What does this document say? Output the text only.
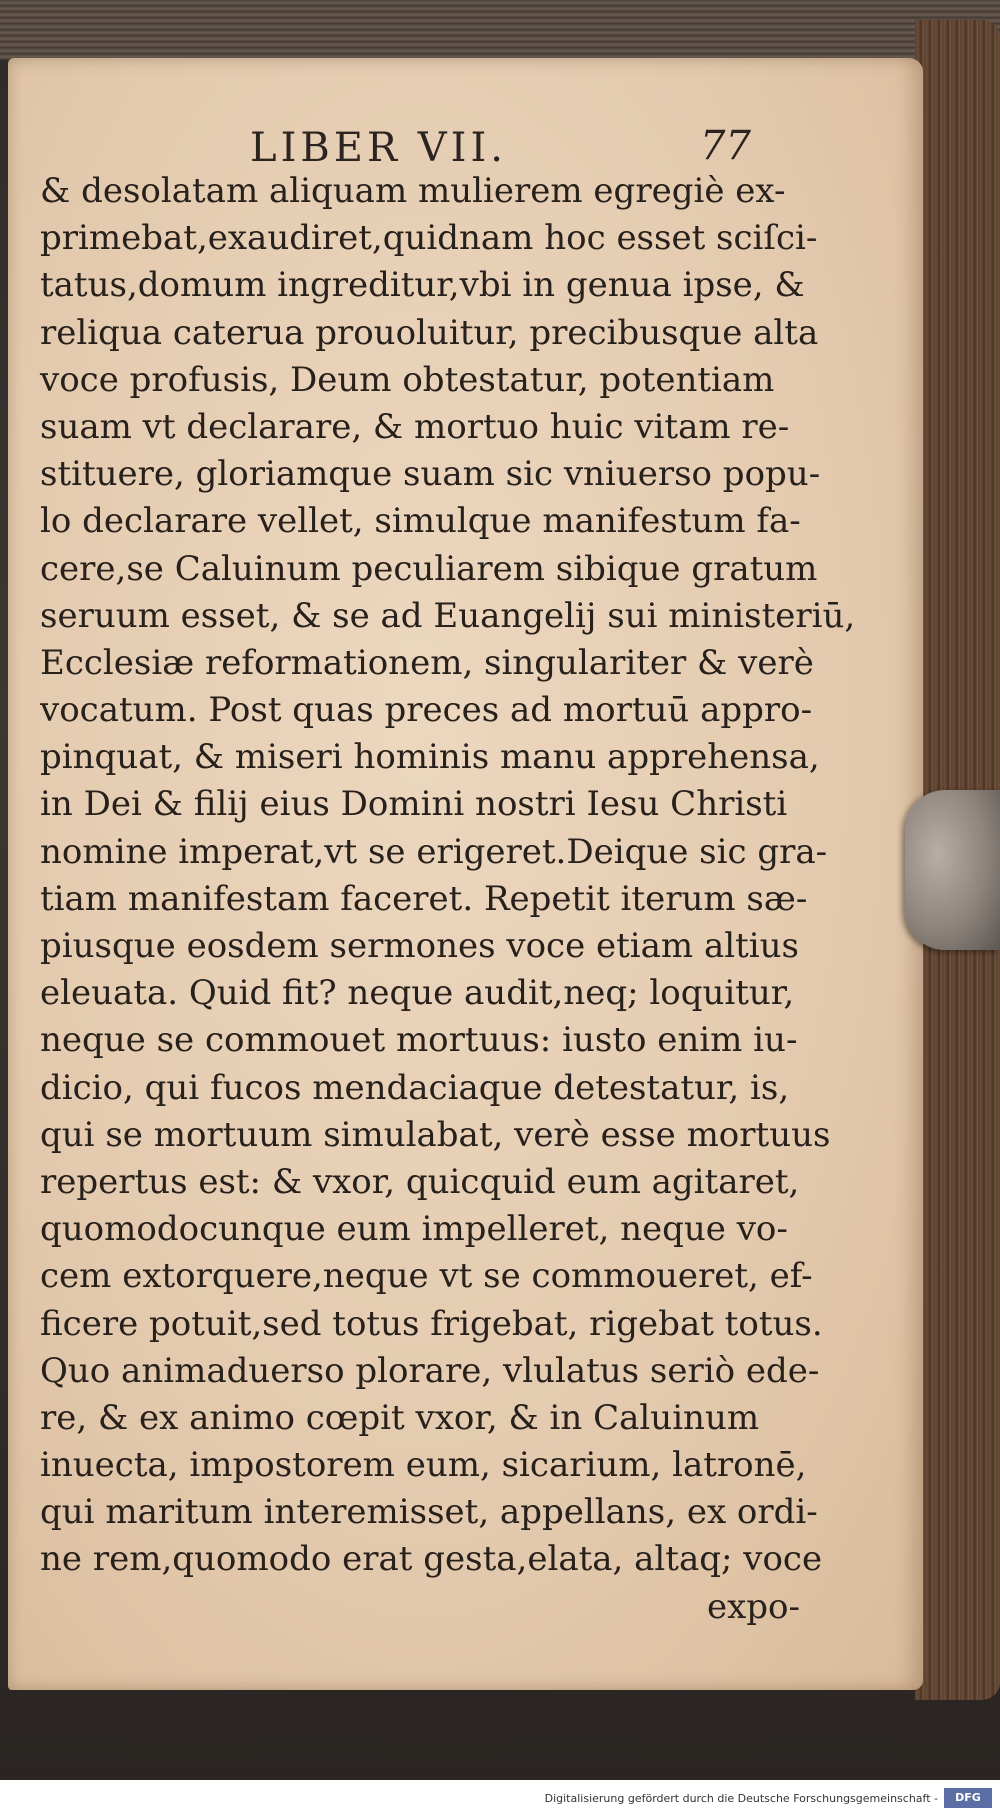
LIBER VII.	77
& desolatam aliquam mulierem egregiè ex-
primebat,exaudiret,quidnam hoc esset sciſci-
tatus,domum ingreditur,vbi in genua ipse, &
reliqua caterua prouoluitur, precibusque alta
voce profusis, Deum obtestatur, potentiam
suam vt declarare, & mortuo huic vitam re-
stituere, gloriamque suam sic vniuerso popu-
lo declarare vellet, simulque manifestum fa-
cere,se Caluinum peculiarem sibique gratum
seruum esset, & se ad Euangelij sui ministeriū,
Ecclesiæ reformationem, singulariter & verè
vocatum. Post quas preces ad mortuū appro-
pinquat, & miseri hominis manu apprehensa,
in Dei & filij eius Domini nostri Iesu Christi
nomine imperat,vt se erigeret.Deique sic gra-
tiam manifestam faceret. Repetit iterum sæ-
piusque eosdem sermones voce etiam altius
eleuata. Quid fit? neque audit,neq; loquitur,
neque se commouet mortuus: iusto enim iu-
dicio, qui fucos mendaciaque detestatur, is,
qui se mortuum simulabat, verè esse mortuus
repertus est: & vxor, quicquid eum agitaret,
quomodocunque eum impelleret, neque vo-
cem extorquere,neque vt se commoueret, ef-
ficere potuit,sed totus frigebat, rigebat totus.
Quo animaduerso plorare, vlulatus seriò ede-
re, & ex animo cœpit vxor, & in Caluinum
inuecta, impostorem eum, sicarium, latronē,
qui maritum interemisset, appellans, ex ordi-
ne rem,quomodo erat gesta,elata, altaq; voce
expo-
Digitalisierung gefördert durch die Deutsche Forschungsgemeinschaft -	DFG
